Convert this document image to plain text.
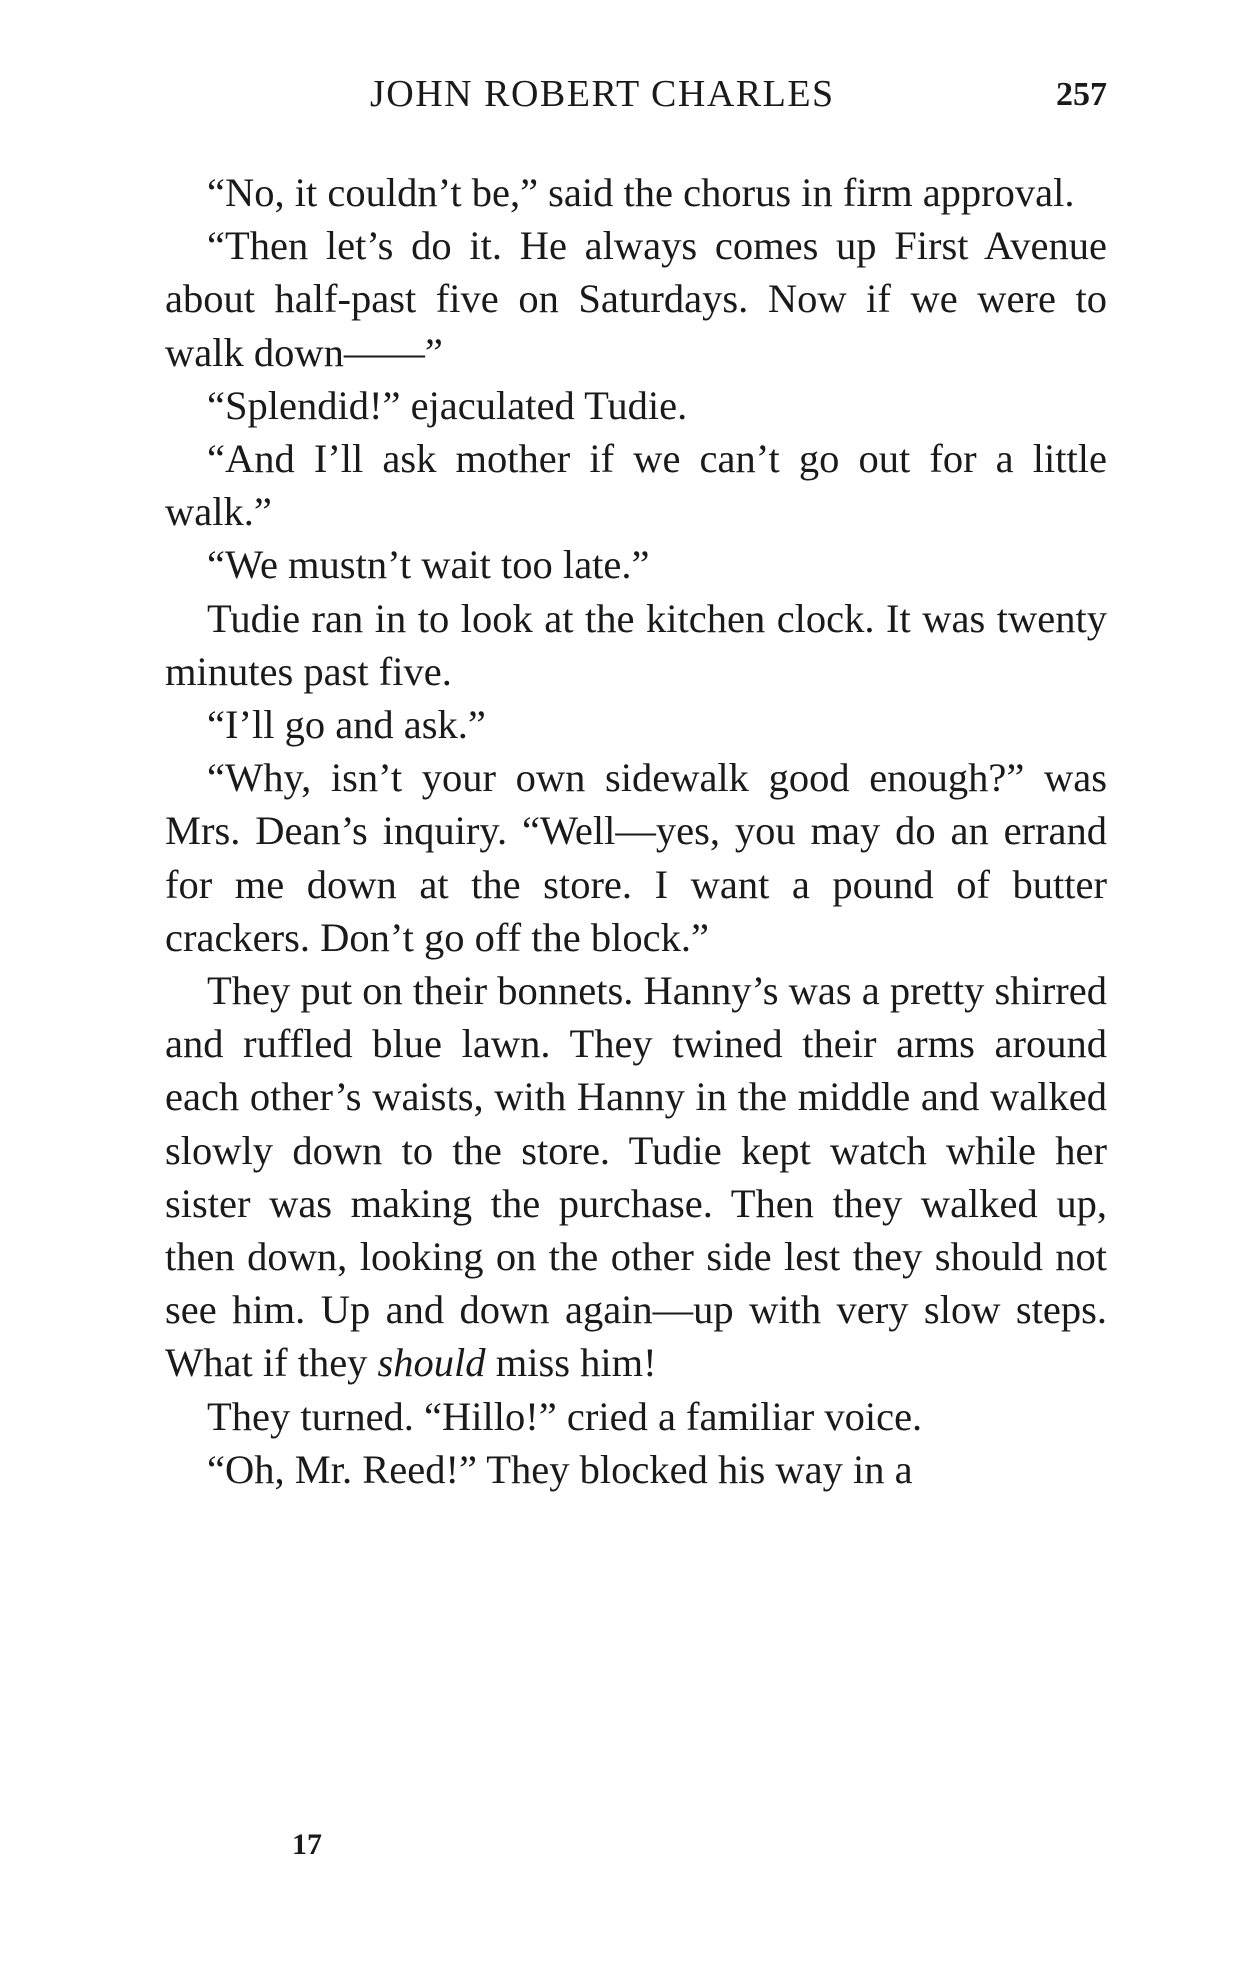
JOHN ROBERT CHARLES	257

“No, it couldn’t be,” said the chorus in firm approval.

“Then let’s do it. He always comes up First Avenue about half-past five on Saturdays. Now if we were to walk down——”

“Splendid!” ejaculated Tudie.

“And I’ll ask mother if we can’t go out for a little walk.”

“We mustn’t wait too late.”

Tudie ran in to look at the kitchen clock. It was twenty minutes past five.

“I’ll go and ask.”

“Why, isn’t your own sidewalk good enough?” was Mrs. Dean’s inquiry. “Well—yes, you may do an errand for me down at the store. I want a pound of butter crackers. Don’t go off the block.”

They put on their bonnets. Hanny’s was a pretty shirred and ruffled blue lawn. They twined their arms around each other’s waists, with Hanny in the middle and walked slowly down to the store. Tudie kept watch while her sister was making the purchase. Then they walked up, then down, looking on the other side lest they should not see him. Up and down again—up with very slow steps. What if they should miss him!

They turned. “Hillo!” cried a familiar voice.

“Oh, Mr. Reed!” They blocked his way in a

17
